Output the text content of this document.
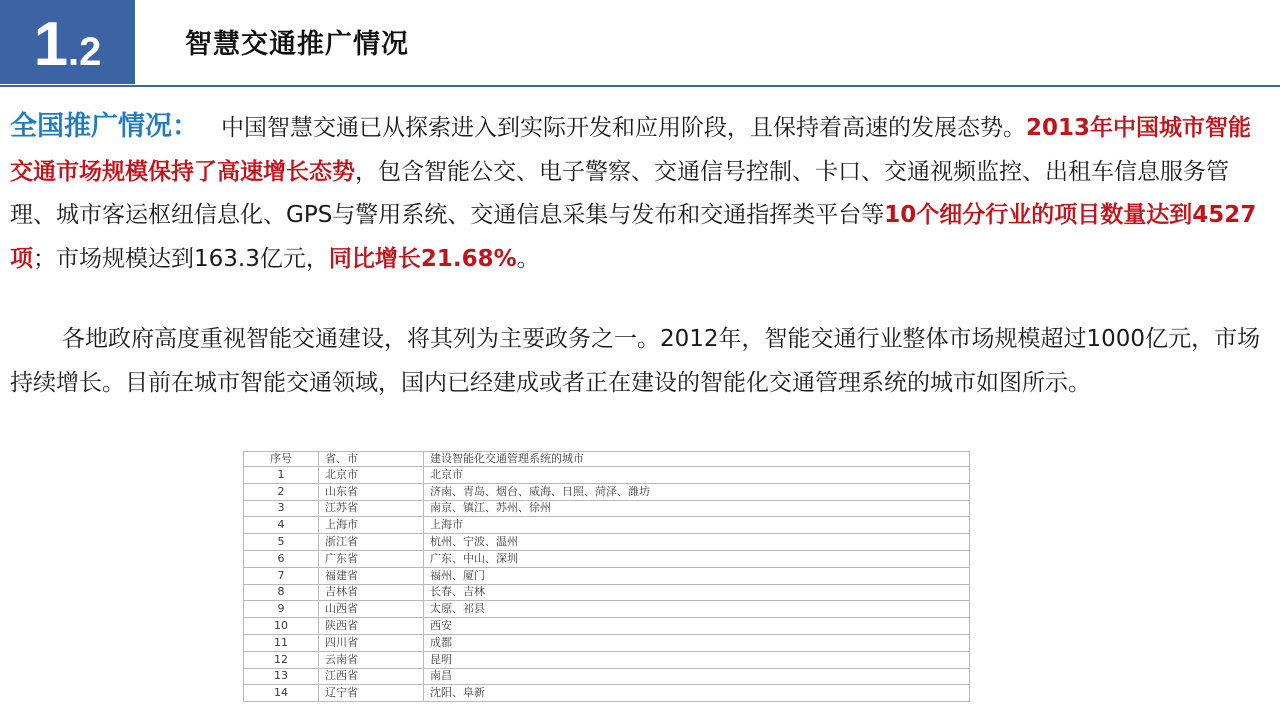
1 . 2	智慧交通推广情况

全国推广情况： 中国智慧交通已从探索进入到实际开发和应用阶段，且保持着高速的发展态势。2013年中国城市智能交通市场规模保持了高速增长态势，包含智能公交、电子警察、交通信号控制、卡口、交通视频监控、出租车信息服务管理、城市客运枢纽信息化、GPS与警用系统、交通信息采集与发布和交通指挥类平台等10个细分行业的项目数量达到4527项；市场规模达到163.3亿元，同比增长21.68%。

各地政府高度重视智能交通建设，将其列为主要政务之一。2012年，智能交通行业整体市场规模超过1000亿元，市场持续增长。目前在城市智能交通领域，国内已经建成或者正在建设的智能化交通管理系统的城市如图所示。

序号	省、市	建设智能化交通管理系统的城市
1	北京市	北京市
2	山东省	济南、青岛、烟台、威海、日照、菏泽、潍坊
3	江苏省	南京、镇江、苏州、徐州
4	上海市	上海市
5	浙江省	杭州、宁波、温州
6	广东省	广东、中山、深圳
7	福建省	福州、厦门
8	吉林省	长春、吉林
9	山西省	太原、祁县
10	陕西省	西安
11	四川省	成都
12	云南省	昆明
13	江西省	南昌
14	辽宁省	沈阳、阜新
